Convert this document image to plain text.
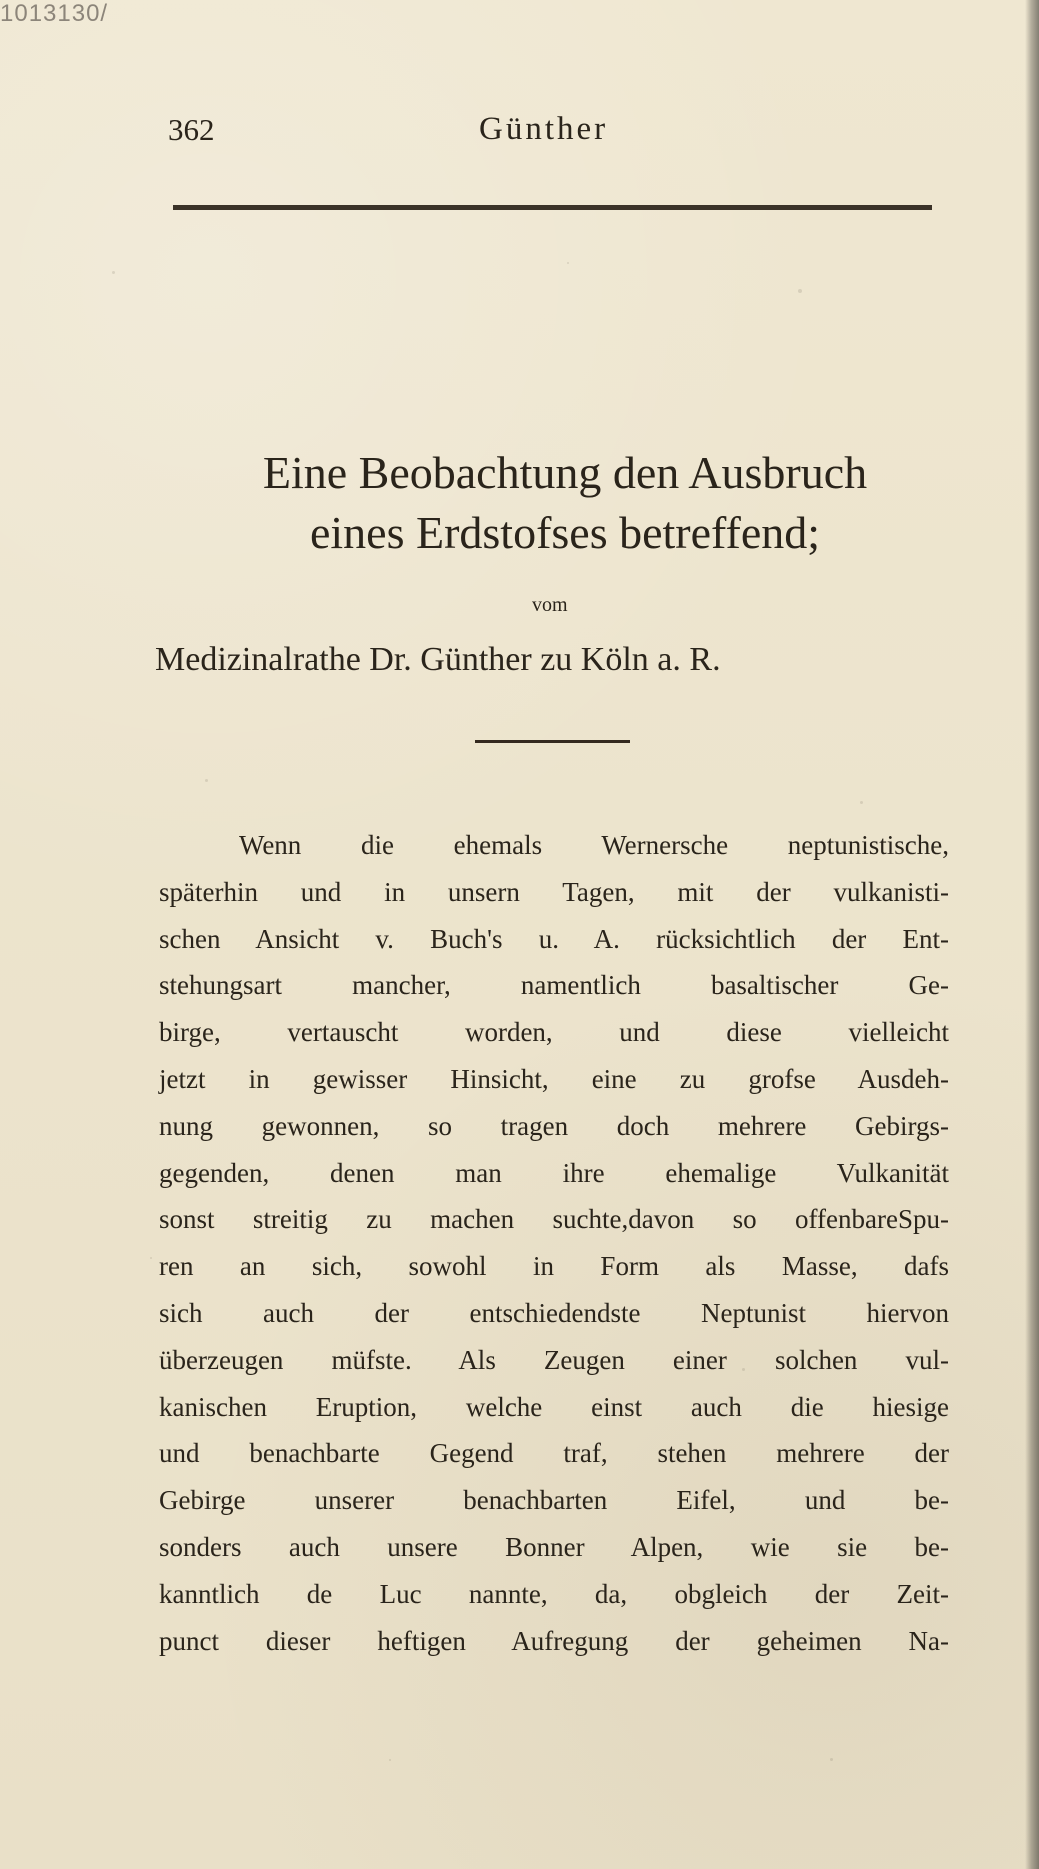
1013130/
362	Günther
Eine Beobachtung den Ausbruch
eines Erdstofses betreffend;
vom
Medizinalrathe Dr. Günther zu Köln a. R.
Wenn die ehemals Wernersche neptunistische,
späterhin und in unsern Tagen, mit der vulkanisti-
schen Ansicht v. Buch's u. A. rücksichtlich der Ent-
stehungsart mancher, namentlich basaltischer Ge-
birge, vertauscht worden, und diese vielleicht
jetzt in gewisser Hinsicht, eine zu grofse Ausdeh-
nung gewonnen, so tragen doch mehrere Gebirgs-
gegenden, denen man ihre ehemalige Vulkanität
sonst streitig zu machen suchte,davon so offenbareSpu-
ren an sich, sowohl in Form als Masse, dafs
sich auch der entschiedendste Neptunist hiervon
überzeugen müfste. Als Zeugen einer solchen vul-
kanischen Eruption, welche einst auch die hiesige
und benachbarte Gegend traf, stehen mehrere der
Gebirge unserer benachbarten Eifel, und be-
sonders auch unsere Bonner Alpen, wie sie be-
kanntlich de Luc nannte, da, obgleich der Zeit-
punct dieser heftigen Aufregung der geheimen Na-
